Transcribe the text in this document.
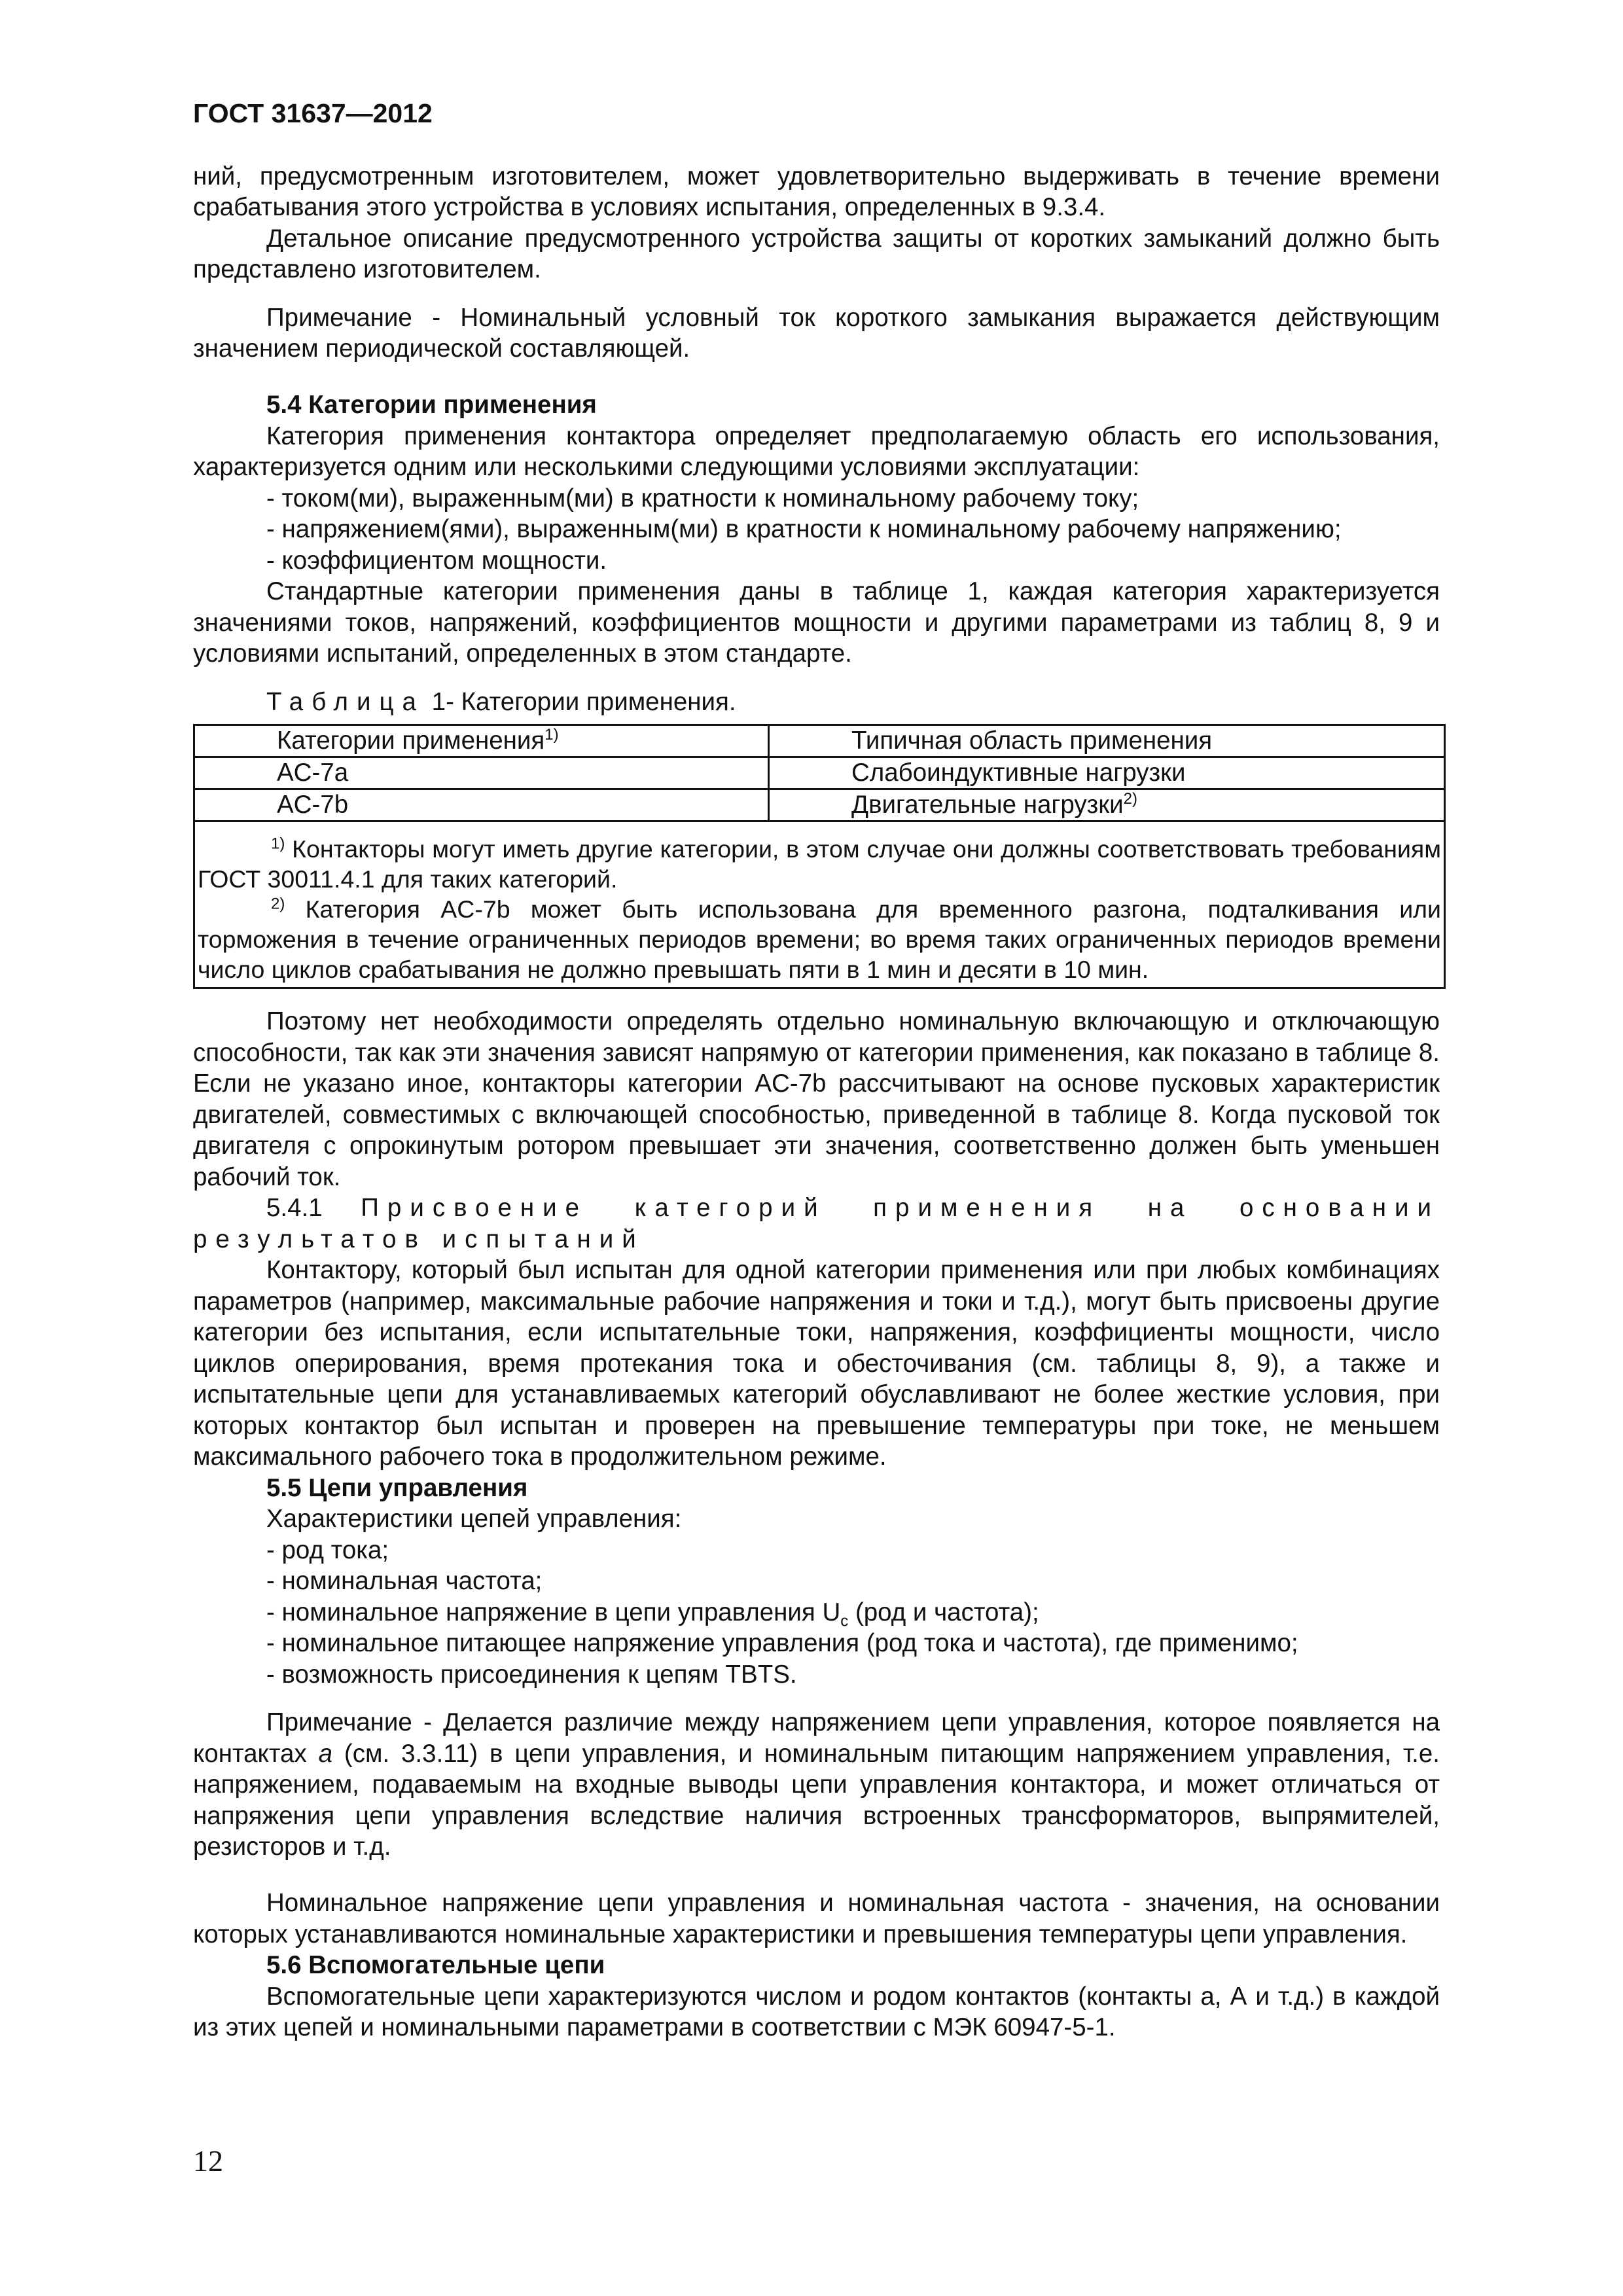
ГОСТ 31637—2012

ний, предусмотренным изготовителем, может удовлетворительно выдерживать в течение времени срабатывания этого устройства в условиях испытания, определенных в 9.3.4.

Детальное описание предусмотренного устройства защиты от коротких замыканий должно быть представлено изготовителем.

Примечание - Номинальный условный ток короткого замыкания выражается действующим значением периодической составляющей.

5.4 Категории применения

Категория применения контактора определяет предполагаемую область его использования, характеризуется одним или несколькими следующими условиями эксплуатации:

- током(ми), выраженным(ми) в кратности к номинальному рабочему току;

- напряжением(ями), выраженным(ми) в кратности к номинальному рабочему напряжению;

- коэффициентом мощности.

Стандартные категории применения даны в таблице 1, каждая категория характеризуется значениями токов, напряжений, коэффициентов мощности и другими параметрами из таблиц 8, 9 и условиями испытаний, определенных в этом стандарте.

Таблица 1- Категории применения.

Категории применения$^{1)}$	Типичная область применения
AC-7a	Слабоиндуктивные нагрузки
AC-7b	Двигательные нагрузки$^{2)}$

$^{1)}$ Контакторы могут иметь другие категории, в этом случае они должны соответствовать требованиям ГОСТ 30011.4.1 для таких категорий.

$^{2)}$ Категория AC-7b может быть использована для временного разгона, подталкивания или торможения в течение ограниченных периодов времени; во время таких ограниченных периодов времени число циклов срабатывания не должно превышать пяти в 1 мин и десяти в 10 мин.	

Поэтому нет необходимости определять отдельно номинальную включающую и отключающую способности, так как эти значения зависят напрямую от категории применения, как показано в таблице 8. Если не указано иное, контакторы категории AC-7b рассчитывают на основе пусковых характеристик двигателей, совместимых с включающей способностью, приведенной в таблице 8. Когда пусковой ток двигателя с опрокинутым ротором превышает эти значения, соответственно должен быть уменьшен рабочий ток.

5.4.1 Присвоение категорий применения на основании результатов испытаний

Контактору, который был испытан для одной категории применения или при любых комбинациях параметров (например, максимальные рабочие напряжения и токи и т.д.), могут быть присвоены другие категории без испытания, если испытательные токи, напряжения, коэффициенты мощности, число циклов оперирования, время протекания тока и обесточивания (см. таблицы 8, 9), а также и испытательные цепи для устанавливаемых категорий обуславливают не более жесткие условия, при которых контактор был испытан и проверен на превышение температуры при токе, не меньшем максимального рабочего тока в продолжительном режиме.

5.5 Цепи управления

Характеристики цепей управления:

- род тока;

- номинальная частота;

- номинальное напряжение в цепи управления $U_c$ (род и частота);

- номинальное питающее напряжение управления (род тока и частота), где применимо;

- возможность присоединения к цепям TBTS.

Примечание - Делается различие между напряжением цепи управления, которое появляется на контактах a (см. 3.3.11) в цепи управления, и номинальным питающим напряжением управления, т.е. напряжением, подаваемым на входные выводы цепи управления контактора, и может отличаться от напряжения цепи управления вследствие наличия встроенных трансформаторов, выпрямителей, резисторов и т.д.

Номинальное напряжение цепи управления и номинальная частота - значения, на основании которых устанавливаются номинальные характеристики и превышения температуры цепи управления.

5.6 Вспомогательные цепи

Вспомогательные цепи характеризуются числом и родом контактов (контакты а, А и т.д.) в каждой из этих цепей и номинальными параметрами в соответствии с МЭК 60947-5-1.

12
